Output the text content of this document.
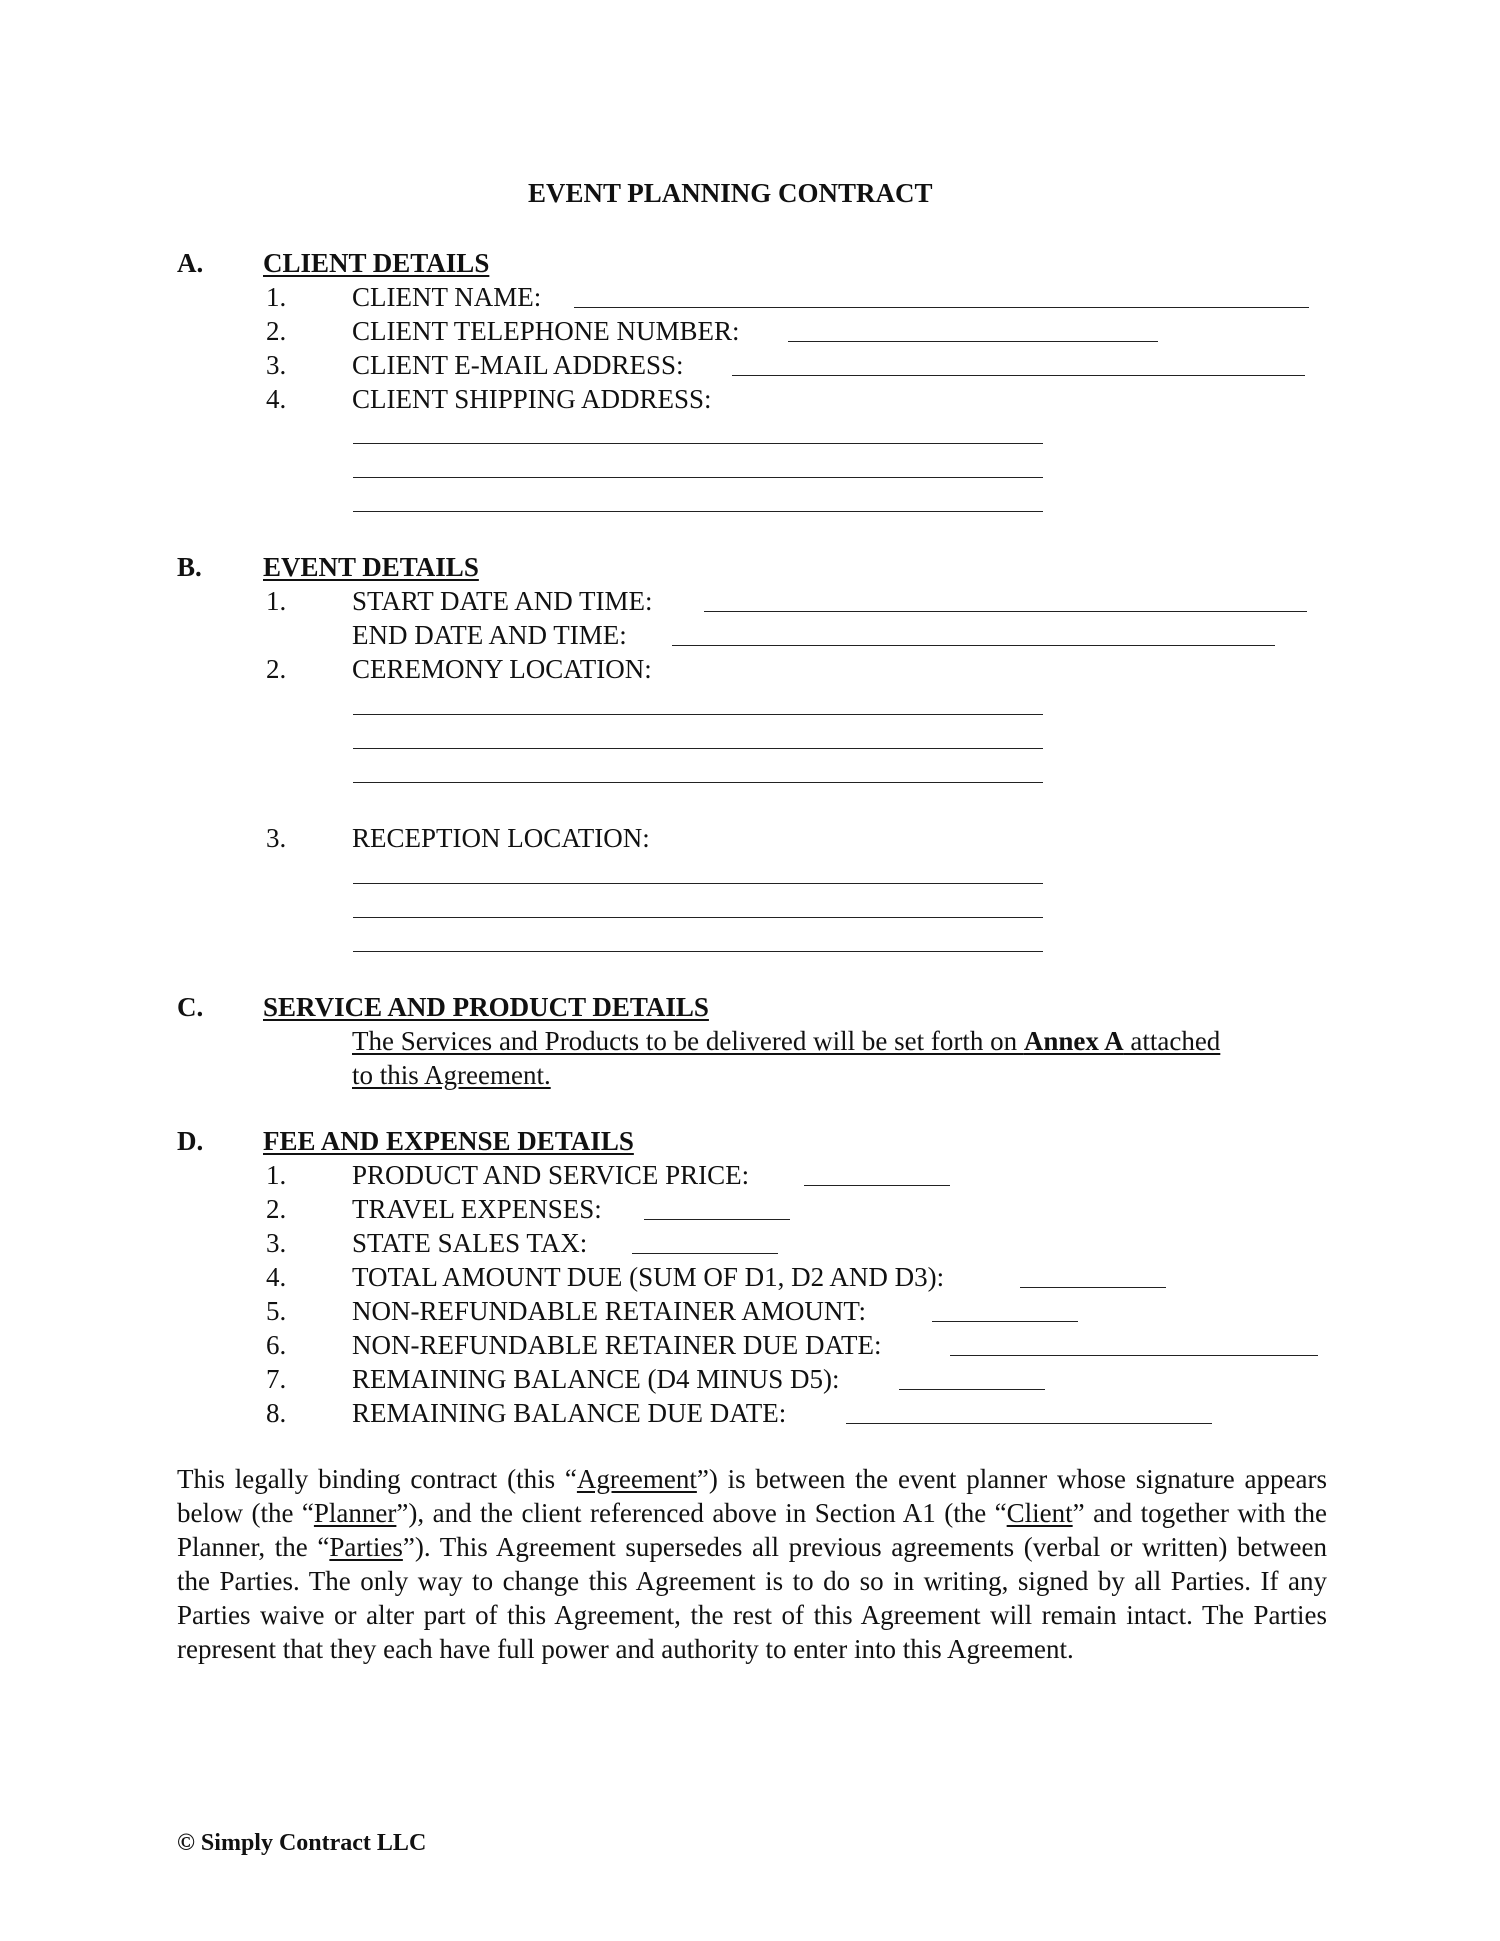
EVENT PLANNING CONTRACT
A. CLIENT DETAILS
1. CLIENT NAME:
2. CLIENT TELEPHONE NUMBER:
3. CLIENT E-MAIL ADDRESS:
4. CLIENT SHIPPING ADDRESS:
B. EVENT DETAILS
1. START DATE AND TIME:
END DATE AND TIME:
2. CEREMONY LOCATION:
3. RECEPTION LOCATION:
C. SERVICE AND PRODUCT DETAILS
The Services and Products to be delivered will be set forth on Annex A attached
to this Agreement.
D. FEE AND EXPENSE DETAILS
1. PRODUCT AND SERVICE PRICE:
2. TRAVEL EXPENSES:
3. STATE SALES TAX:
4. TOTAL AMOUNT DUE (SUM OF D1, D2 AND D3):
5. NON-REFUNDABLE RETAINER AMOUNT:
6. NON-REFUNDABLE RETAINER DUE DATE:
7. REMAINING BALANCE (D4 MINUS D5):
8. REMAINING BALANCE DUE DATE:
This legally binding contract (this “Agreement”) is between the event planner whose signature appears below (the “Planner”), and the client referenced above in Section A1 (the “Client” and together with the Planner, the “Parties”). This Agreement supersedes all previous agreements (verbal or written) between the Parties. The only way to change this Agreement is to do so in writing, signed by all Parties. If any Parties waive or alter part of this Agreement, the rest of this Agreement will remain intact. The Parties represent that they each have full power and authority to enter into this Agreement.
© Simply Contract LLC
